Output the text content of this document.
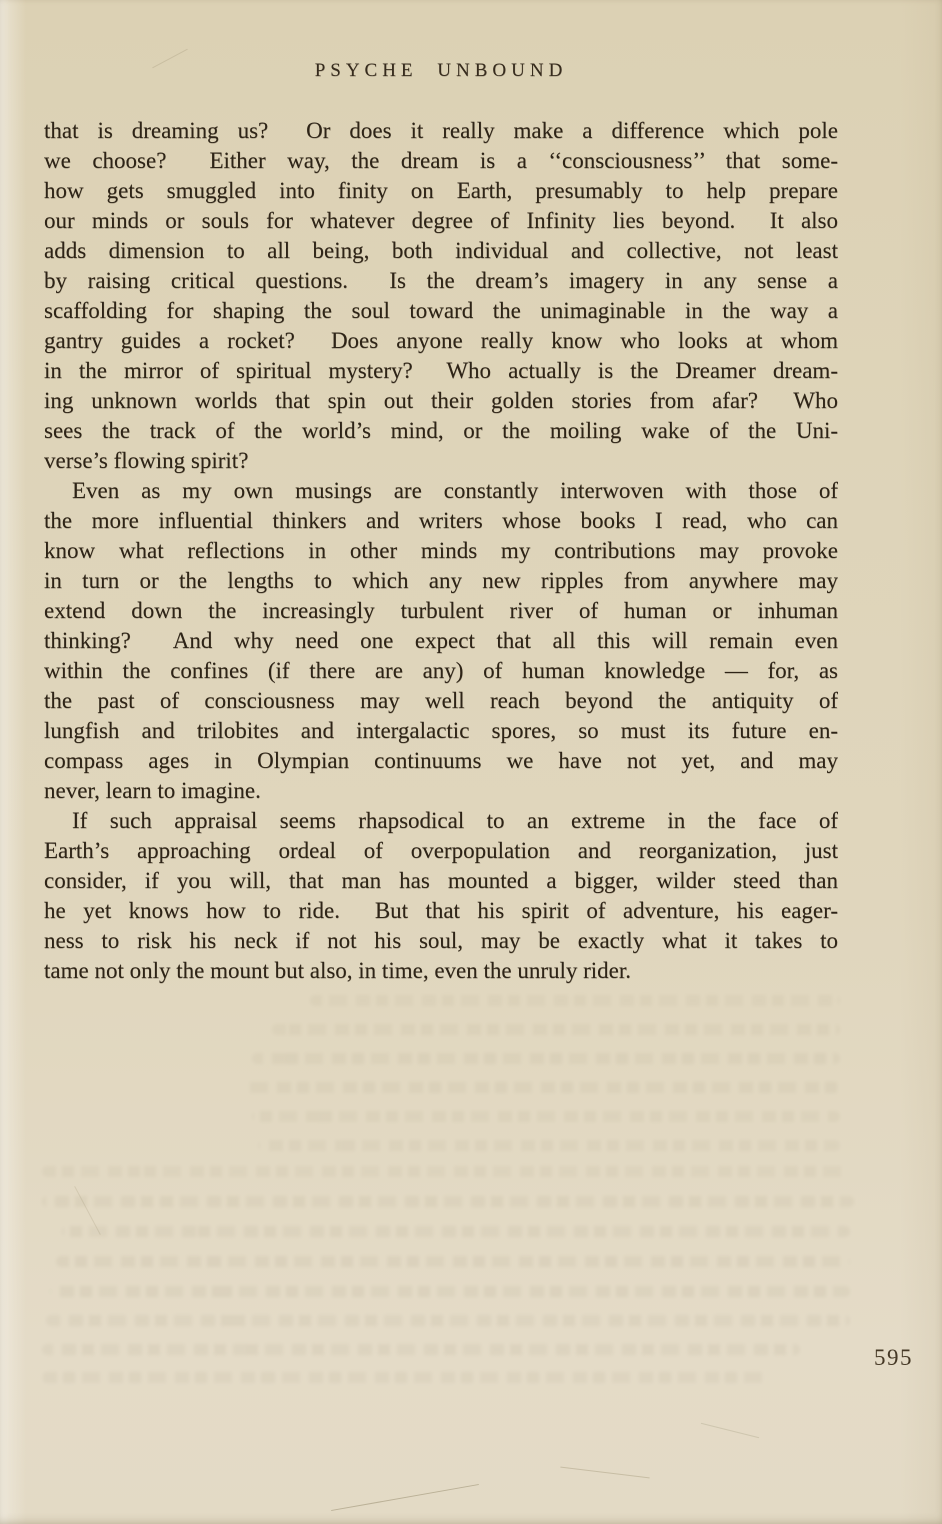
PSYCHE UNBOUND
that is dreaming us?  Or does it really make a difference which pole
we choose?  Either way, the dream is a ‘‘consciousness’’ that some-
how gets smuggled into finity on Earth, presumably to help prepare
our minds or souls for whatever degree of Infinity lies beyond.  It also
adds dimension to all being, both individual and collective, not least
by raising critical questions.  Is the dream’s imagery in any sense a
scaffolding for shaping the soul toward the unimaginable in the way a
gantry guides a rocket?  Does anyone really know who looks at whom
in the mirror of spiritual mystery?  Who actually is the Dreamer dream-
ing unknown worlds that spin out their golden stories from afar?  Who
sees the track of the world’s mind, or the moiling wake of the Uni-
verse’s flowing spirit?
Even as my own musings are constantly interwoven with those of
the more influential thinkers and writers whose books I read, who can
know what reflections in other minds my contributions may provoke
in turn or the lengths to which any new ripples from anywhere may
extend down the increasingly turbulent river of human or inhuman
thinking?  And why need one expect that all this will remain even
within the confines (if there are any) of human knowledge — for, as
the past of consciousness may well reach beyond the antiquity of
lungfish and trilobites and intergalactic spores, so must its future en-
compass ages in Olympian continuums we have not yet, and may
never, learn to imagine.
If such appraisal seems rhapsodical to an extreme in the face of
Earth’s approaching ordeal of overpopulation and reorganization, just
consider, if you will, that man has mounted a bigger, wilder steed than
he yet knows how to ride.  But that his spirit of adventure, his eager-
ness to risk his neck if not his soul, may be exactly what it takes to
tame not only the mount but also, in time, even the unruly rider.
595
